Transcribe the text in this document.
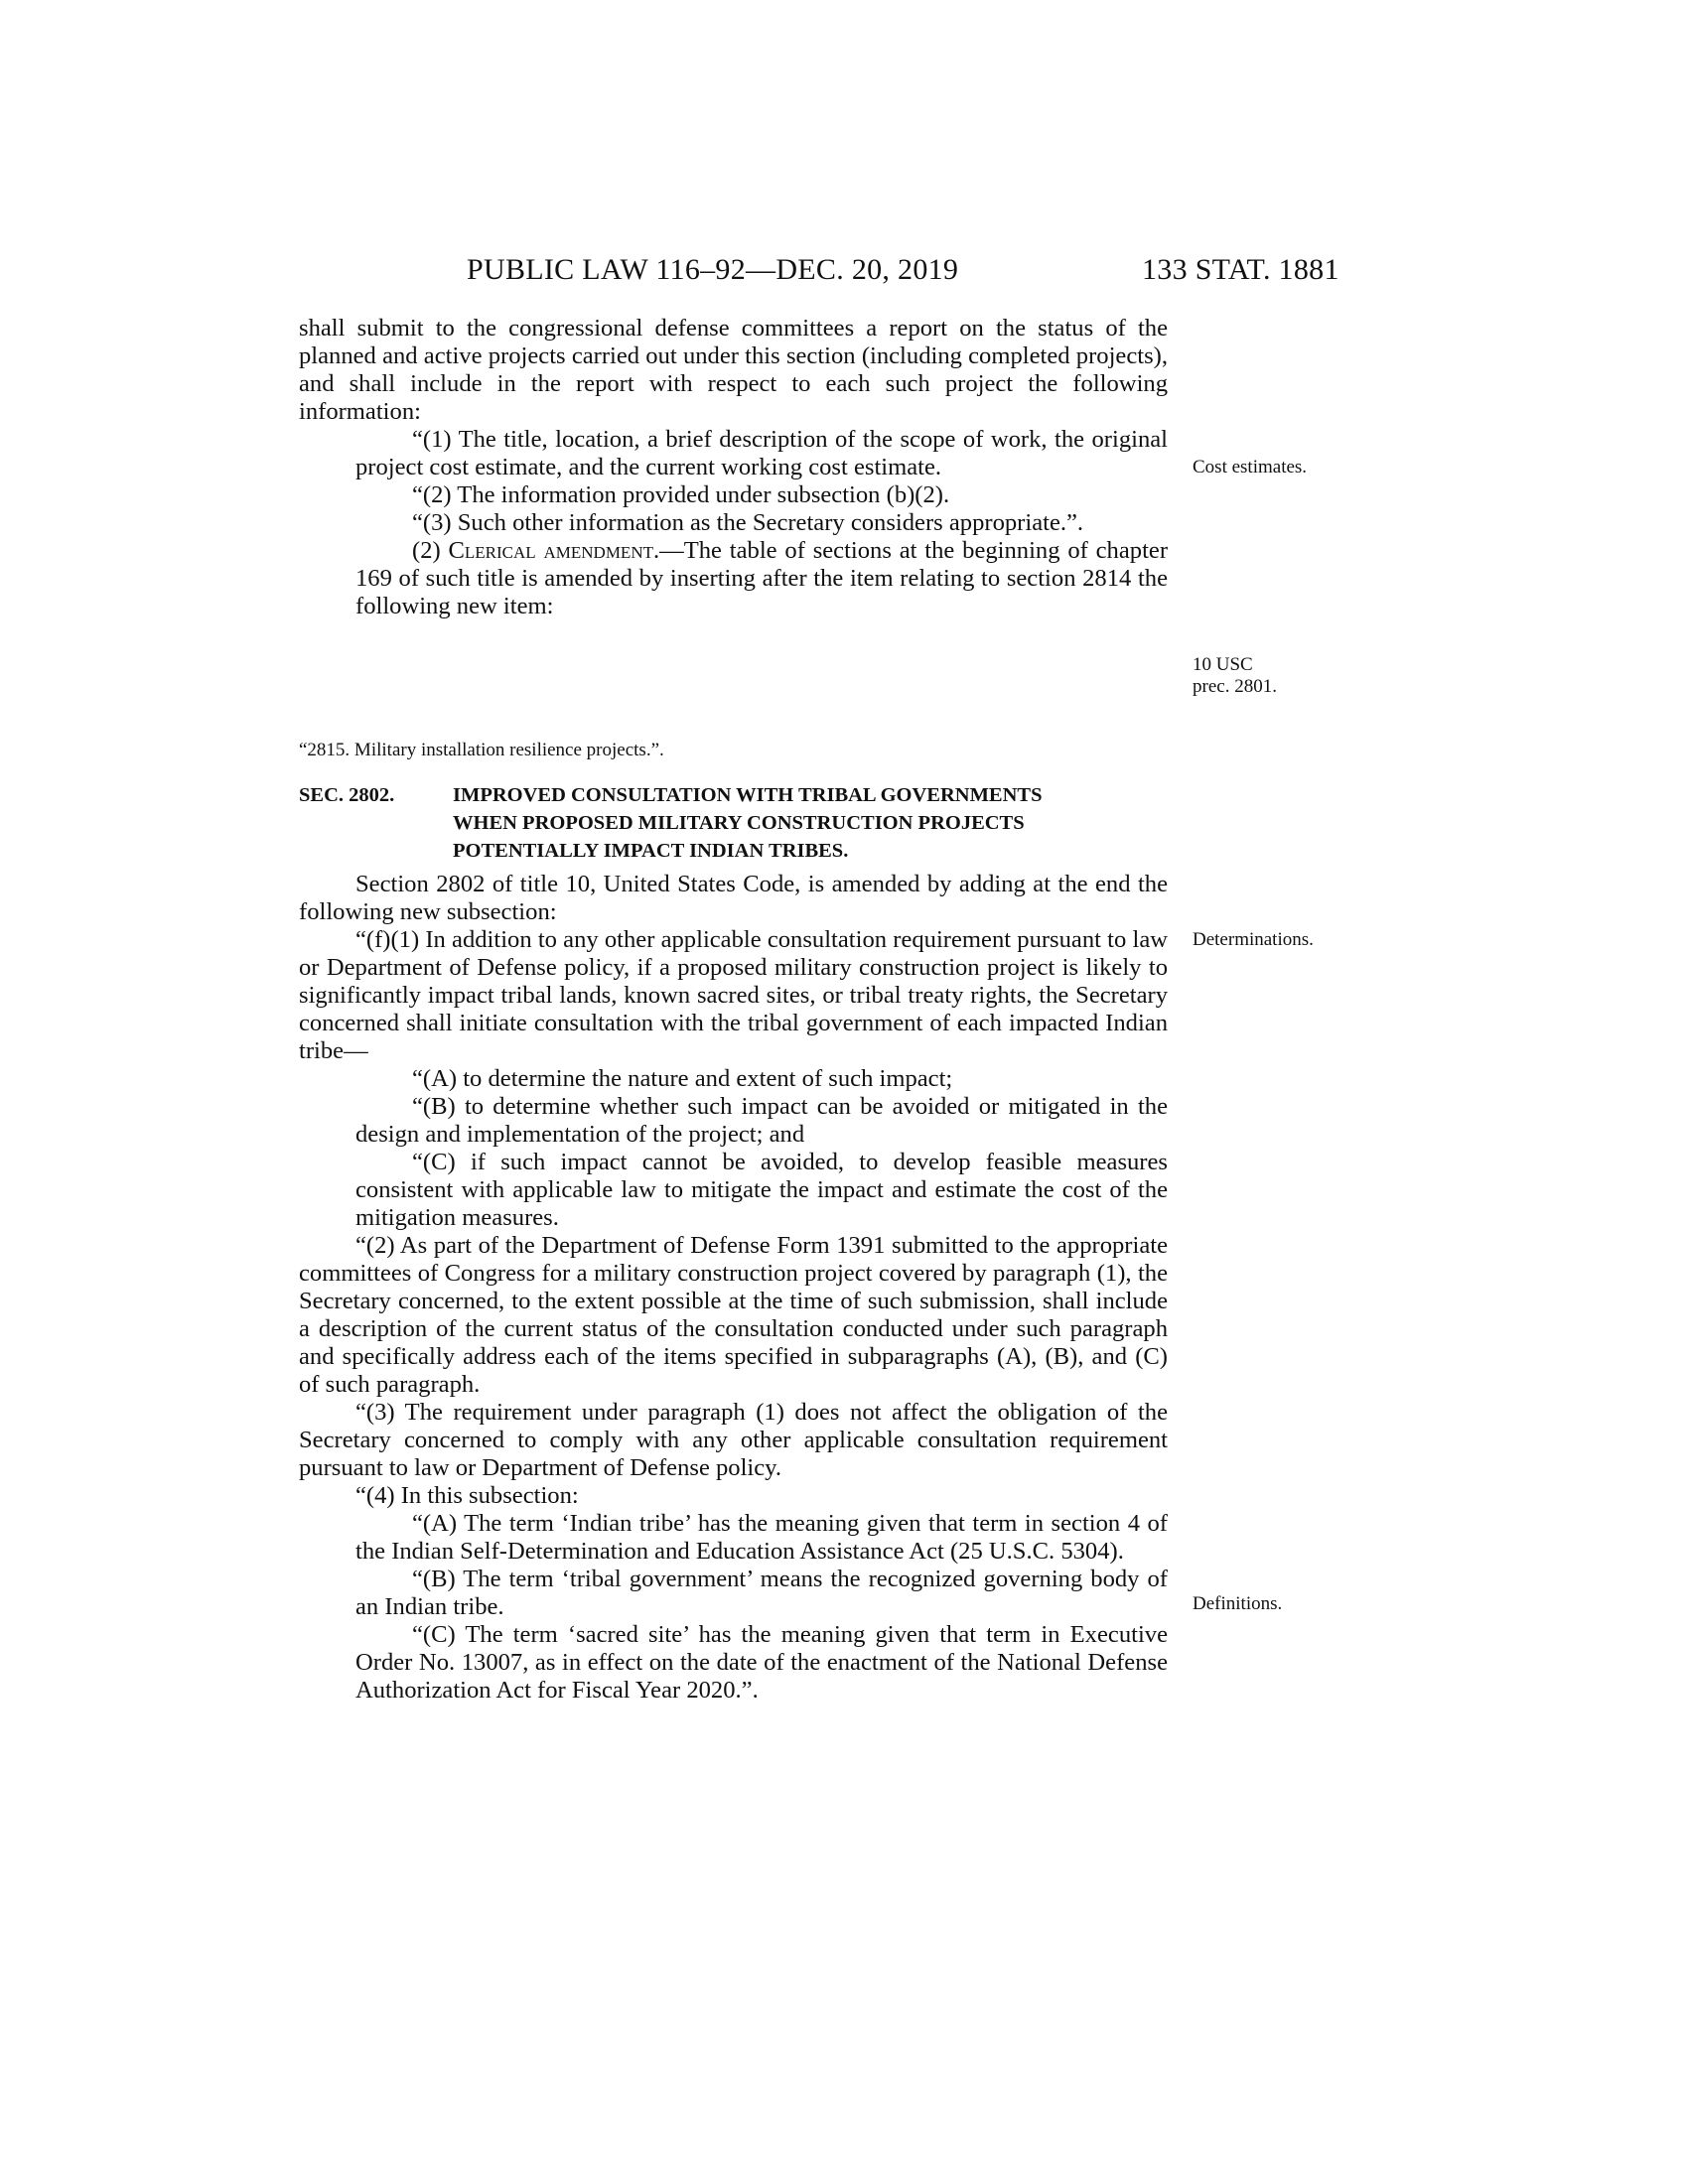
PUBLIC LAW 116–92—DEC. 20, 2019	133 STAT. 1881

shall submit to the congressional defense committees a report on the status of the planned and active projects carried out under this section (including completed projects), and shall include in the report with respect to each such project the following information:

“(1) The title, location, a brief description of the scope of work, the original project cost estimate, and the current working cost estimate.

“(2) The information provided under subsection (b)(2).

“(3) Such other information as the Secretary considers appropriate.”.

(2) Clerical amendment.—The table of sections at the beginning of chapter 169 of such title is amended by inserting after the item relating to section 2814 the following new item:

“2815. Military installation resilience projects.”.
SEC. 2802.	IMPROVED CONSULTATION WITH TRIBAL GOVERNMENTS
WHEN PROPOSED MILITARY CONSTRUCTION PROJECTS
POTENTIALLY IMPACT INDIAN TRIBES.

Section 2802 of title 10, United States Code, is amended by adding at the end the following new subsection:

“(f)(1) In addition to any other applicable consultation requirement pursuant to law or Department of Defense policy, if a proposed military construction project is likely to significantly impact tribal lands, known sacred sites, or tribal treaty rights, the Secretary concerned shall initiate consultation with the tribal government of each impacted Indian tribe—

“(A) to determine the nature and extent of such impact;

“(B) to determine whether such impact can be avoided or mitigated in the design and implementation of the project; and

“(C) if such impact cannot be avoided, to develop feasible measures consistent with applicable law to mitigate the impact and estimate the cost of the mitigation measures.

“(2) As part of the Department of Defense Form 1391 submitted to the appropriate committees of Congress for a military construction project covered by paragraph (1), the Secretary concerned, to the extent possible at the time of such submission, shall include a description of the current status of the consultation conducted under such paragraph and specifically address each of the items specified in subparagraphs (A), (B), and (C) of such paragraph.

“(3) The requirement under paragraph (1) does not affect the obligation of the Secretary concerned to comply with any other applicable consultation requirement pursuant to law or Department of Defense policy.

“(4) In this subsection:

“(A) The term ‘Indian tribe’ has the meaning given that term in section 4 of the Indian Self-Determination and Education Assistance Act (25 U.S.C. 5304).

“(B) The term ‘tribal government’ means the recognized governing body of an Indian tribe.

“(C) The term ‘sacred site’ has the meaning given that term in Executive Order No. 13007, as in effect on the date of the enactment of the National Defense Authorization Act for Fiscal Year 2020.”.

Cost estimates.
10 USC
prec. 2801.
Determinations.
Definitions.
